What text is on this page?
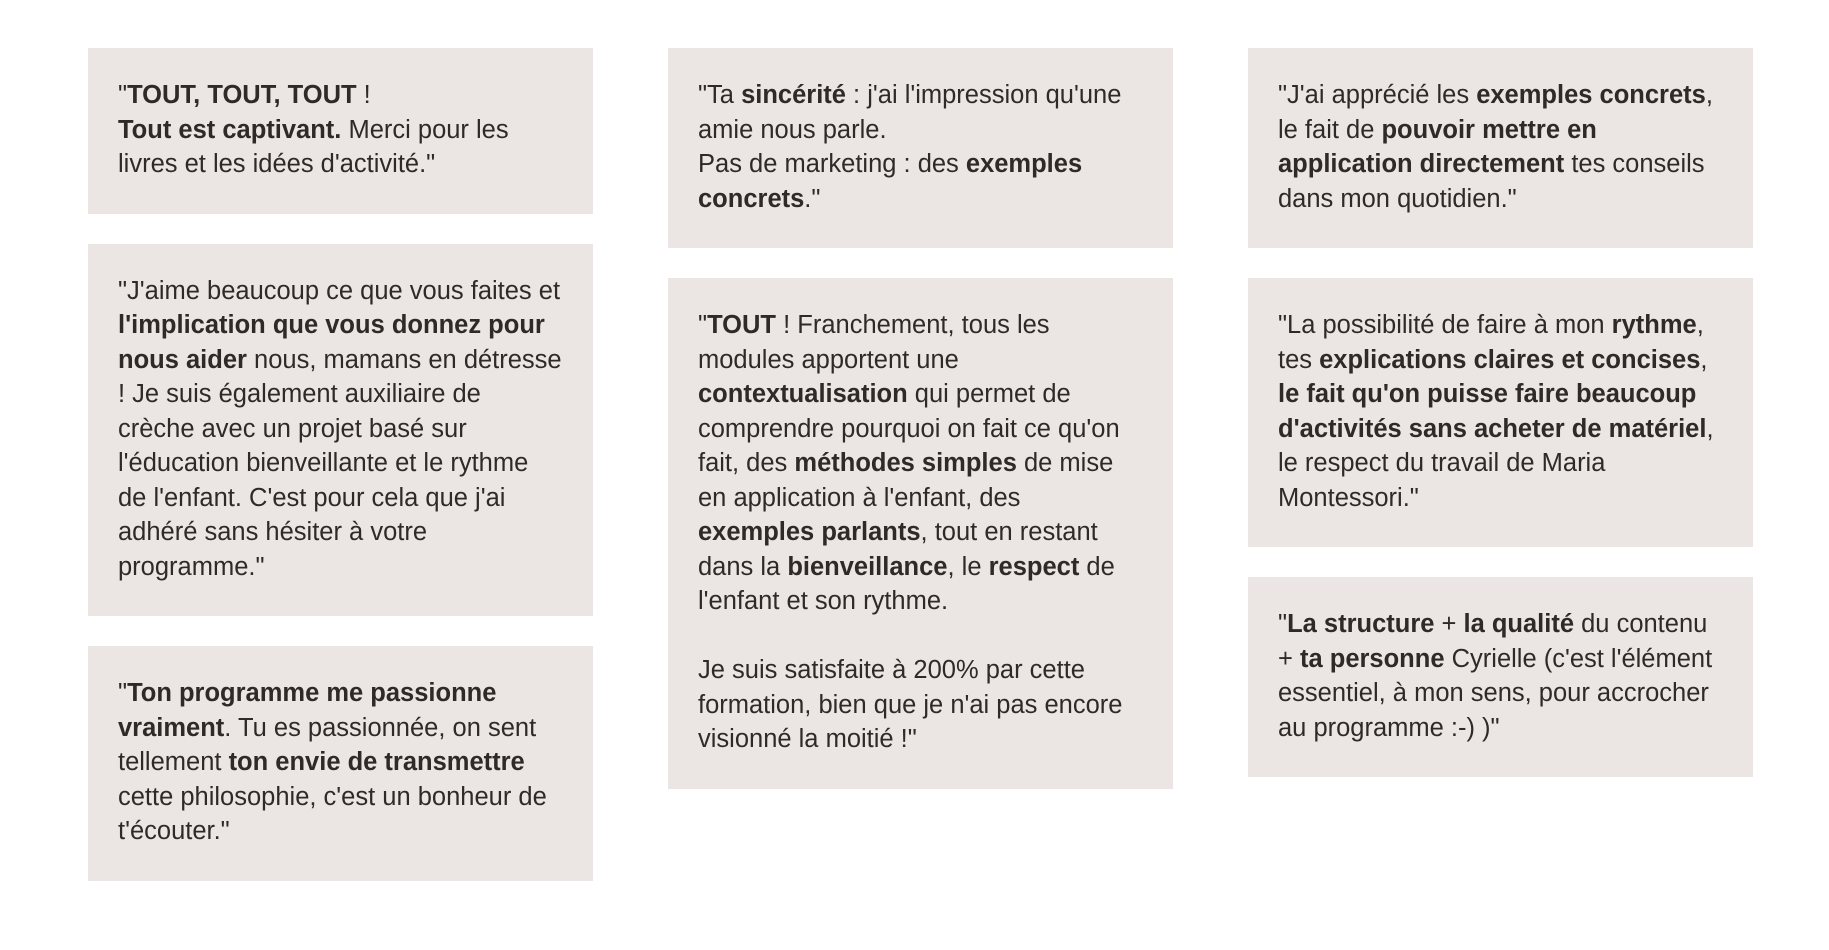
"TOUT, TOUT, TOUT !
Tout est captivant. Merci pour les livres et les idées d'activité."

"J'aime beaucoup ce que vous faites et l'implication que vous donnez pour nous aider nous, mamans en détresse ! Je suis également auxiliaire de crèche avec un projet basé sur l'éducation bienveillante et le rythme de l'enfant. C'est pour cela que j'ai adhéré sans hésiter à votre programme."

"Ton programme me passionne vraiment. Tu es passionnée, on sent tellement ton envie de transmettre cette philosophie, c'est un bonheur de t'écouter."

"Ta sincérité : j'ai l'impression qu'une amie nous parle.
Pas de marketing : des exemples concrets."

"TOUT ! Franchement, tous les modules apportent une contextualisation qui permet de comprendre pourquoi on fait ce qu'on fait, des méthodes simples de mise en application à l'enfant, des exemples parlants, tout en restant dans la bienveillance, le respect de l'enfant et son rythme.

Je suis satisfaite à 200% par cette formation, bien que je n'ai pas encore visionné la moitié !"

"J'ai apprécié les exemples concrets, le fait de pouvoir mettre en application directement tes conseils dans mon quotidien."

"La possibilité de faire à mon rythme, tes explications claires et concises, le fait qu'on puisse faire beaucoup d'activités sans acheter de matériel, le respect du travail de Maria Montessori."

"La structure + la qualité du contenu + ta personne Cyrielle (c'est l'élément essentiel, à mon sens, pour accrocher au programme :-) )"
